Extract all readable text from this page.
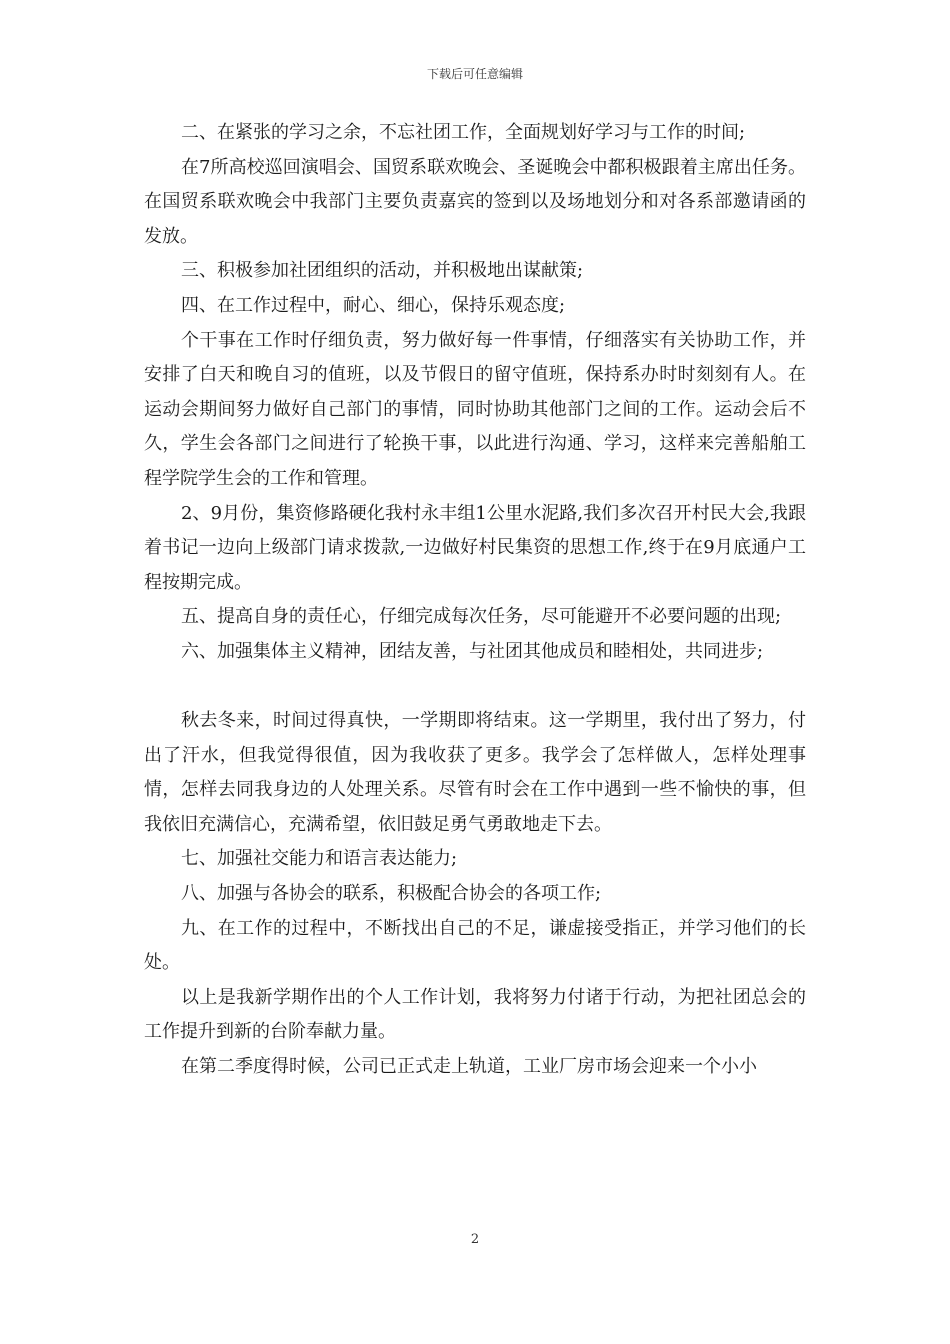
下载后可任意编辑

二、在紧张的学习之余，不忘社团工作，全面规划好学习与工作的时间;

在7所高校巡回演唱会、国贸系联欢晚会、圣诞晚会中都积极跟着主席出任务。在国贸系联欢晚会中我部门主要负责嘉宾的签到以及场地划分和对各系部邀请函的发放。

三、积极参加社团组织的活动，并积极地出谋献策;

四、在工作过程中，耐心、细心，保持乐观态度;

个干事在工作时仔细负责，努力做好每一件事情，仔细落实有关协助工作，并安排了白天和晚自习的值班，以及节假日的留守值班，保持系办时时刻刻有人。在运动会期间努力做好自己部门的事情，同时协助其他部门之间的工作。运动会后不久，学生会各部门之间进行了轮换干事，以此进行沟通、学习，这样来完善船舶工程学院学生会的工作和管理。

2、9月份，集资修路硬化我村永丰组1公里水泥路,我们多次召开村民大会,我跟着书记一边向上级部门请求拨款,一边做好村民集资的思想工作,终于在9月底通户工程按期完成。

五、提高自身的责任心，仔细完成每次任务，尽可能避开不必要问题的出现;

六、加强集体主义精神，团结友善，与社团其他成员和睦相处，共同进步;

秋去冬来，时间过得真快，一学期即将结束。这一学期里，我付出了努力，付出了汗水，但我觉得很值，因为我收获了更多。我学会了怎样做人，怎样处理事情，怎样去同我身边的人处理关系。尽管有时会在工作中遇到一些不愉快的事，但我依旧充满信心，充满希望，依旧鼓足勇气勇敢地走下去。

七、加强社交能力和语言表达能力;

八、加强与各协会的联系，积极配合协会的各项工作;

九、在工作的过程中，不断找出自己的不足，谦虚接受指正，并学习他们的长处。

以上是我新学期作出的个人工作计划，我将努力付诸于行动，为把社团总会的工作提升到新的台阶奉献力量。

在第二季度得时候，公司已正式走上轨道，工业厂房市场会迎来一个小小

2
